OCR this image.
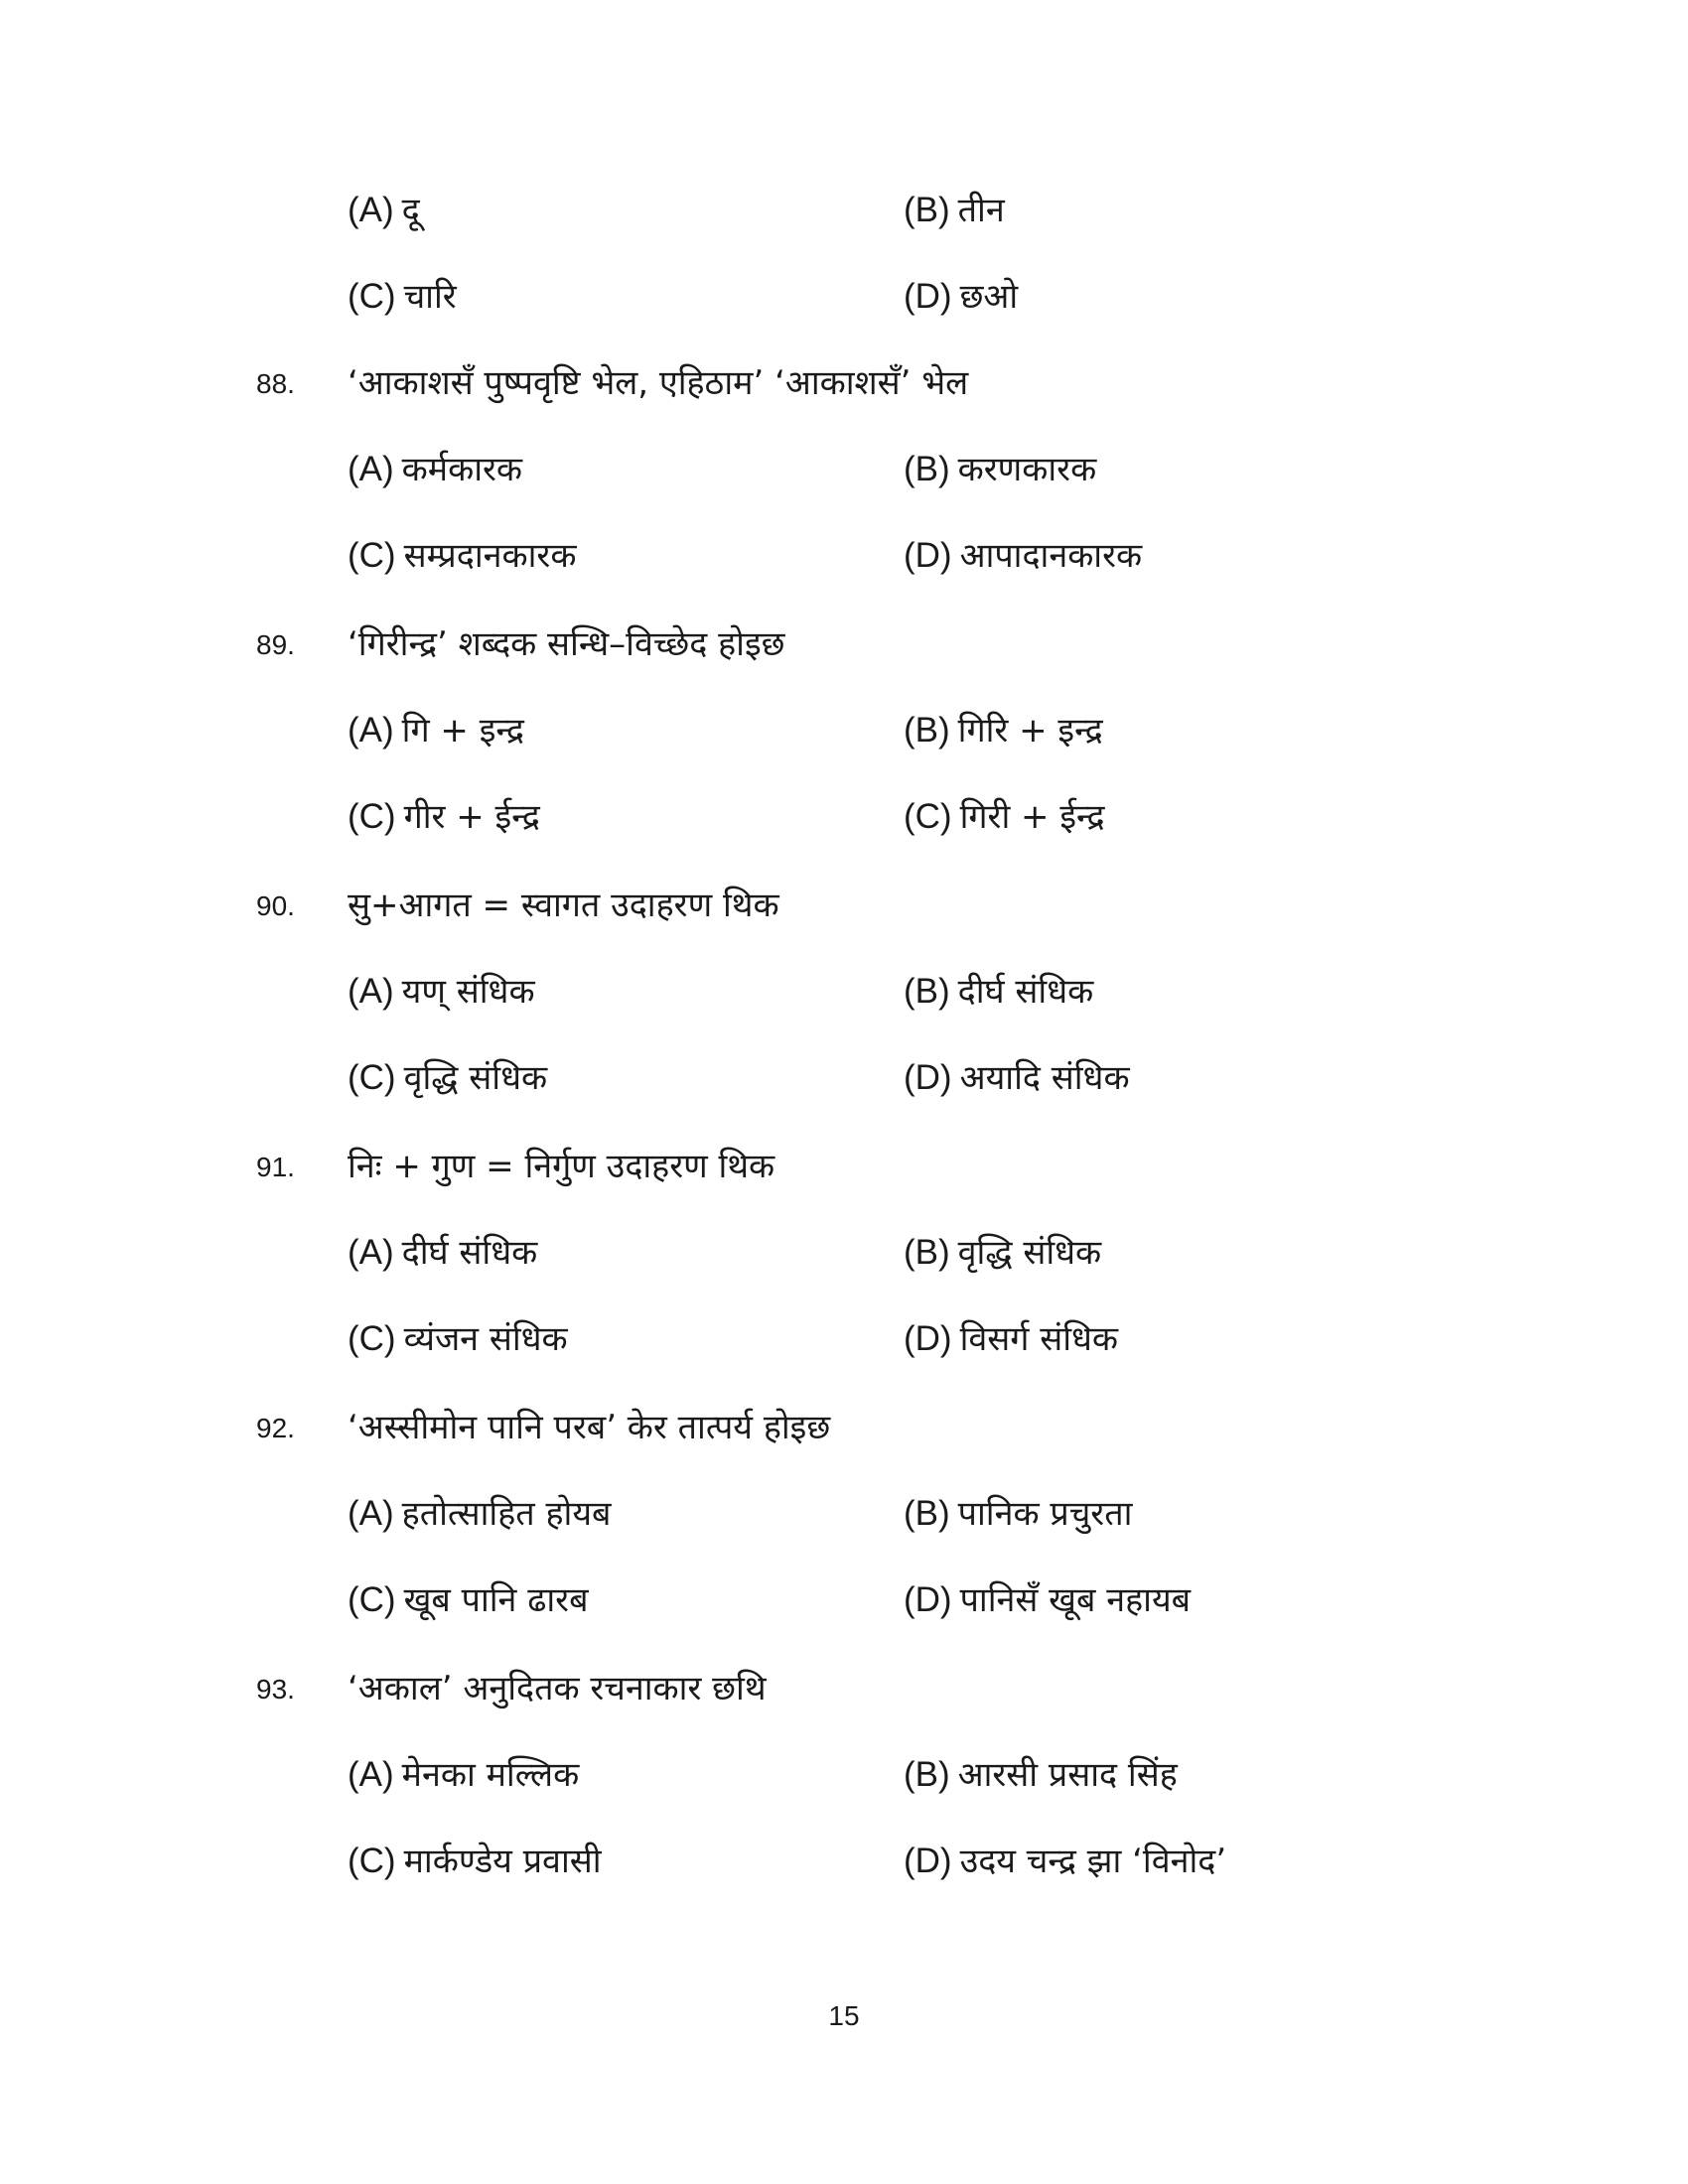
(A) दू	(B) तीन
(C) चारि	(D) छओ
88. ‘आकाशसँ पुष्पवृष्टि भेल, एहिठाम’ ‘आकाशसँ’ भेल
(A) कर्मकारक	(B) करणकारक
(C) सम्प्रदानकारक	(D) आपादानकारक
89. ‘गिरीन्द्र’ शब्दक सन्धि–विच्छेद होइछ
(A) गि + इन्द्र	(B) गिरि + इन्द्र
(C) गीर + ईन्द्र	(C) गिरी + ईन्द्र
90. सु+आगत = स्वागत उदाहरण थिक
(A) यण् संधिक	(B) दीर्घ संधिक
(C) वृद्धि संधिक	(D) अयादि संधिक
91. निः + गुण = निर्गुण उदाहरण थिक
(A) दीर्घ संधिक	(B) वृद्धि संधिक
(C) व्यंजन संधिक	(D) विसर्ग संधिक
92. ‘अस्सीमोन पानि परब’ केर तात्पर्य होइछ
(A) हतोत्साहित होयब	(B) पानिक प्रचुरता
(C) खूब पानि ढारब	(D) पानिसँ खूब नहायब
93. ‘अकाल’ अनुदितक रचनाकार छथि
(A) मेनका मल्लिक	(B) आरसी प्रसाद सिंह
(C) मार्कण्डेय प्रवासी	(D) उदय चन्द्र झा ‘विनोद’
15
